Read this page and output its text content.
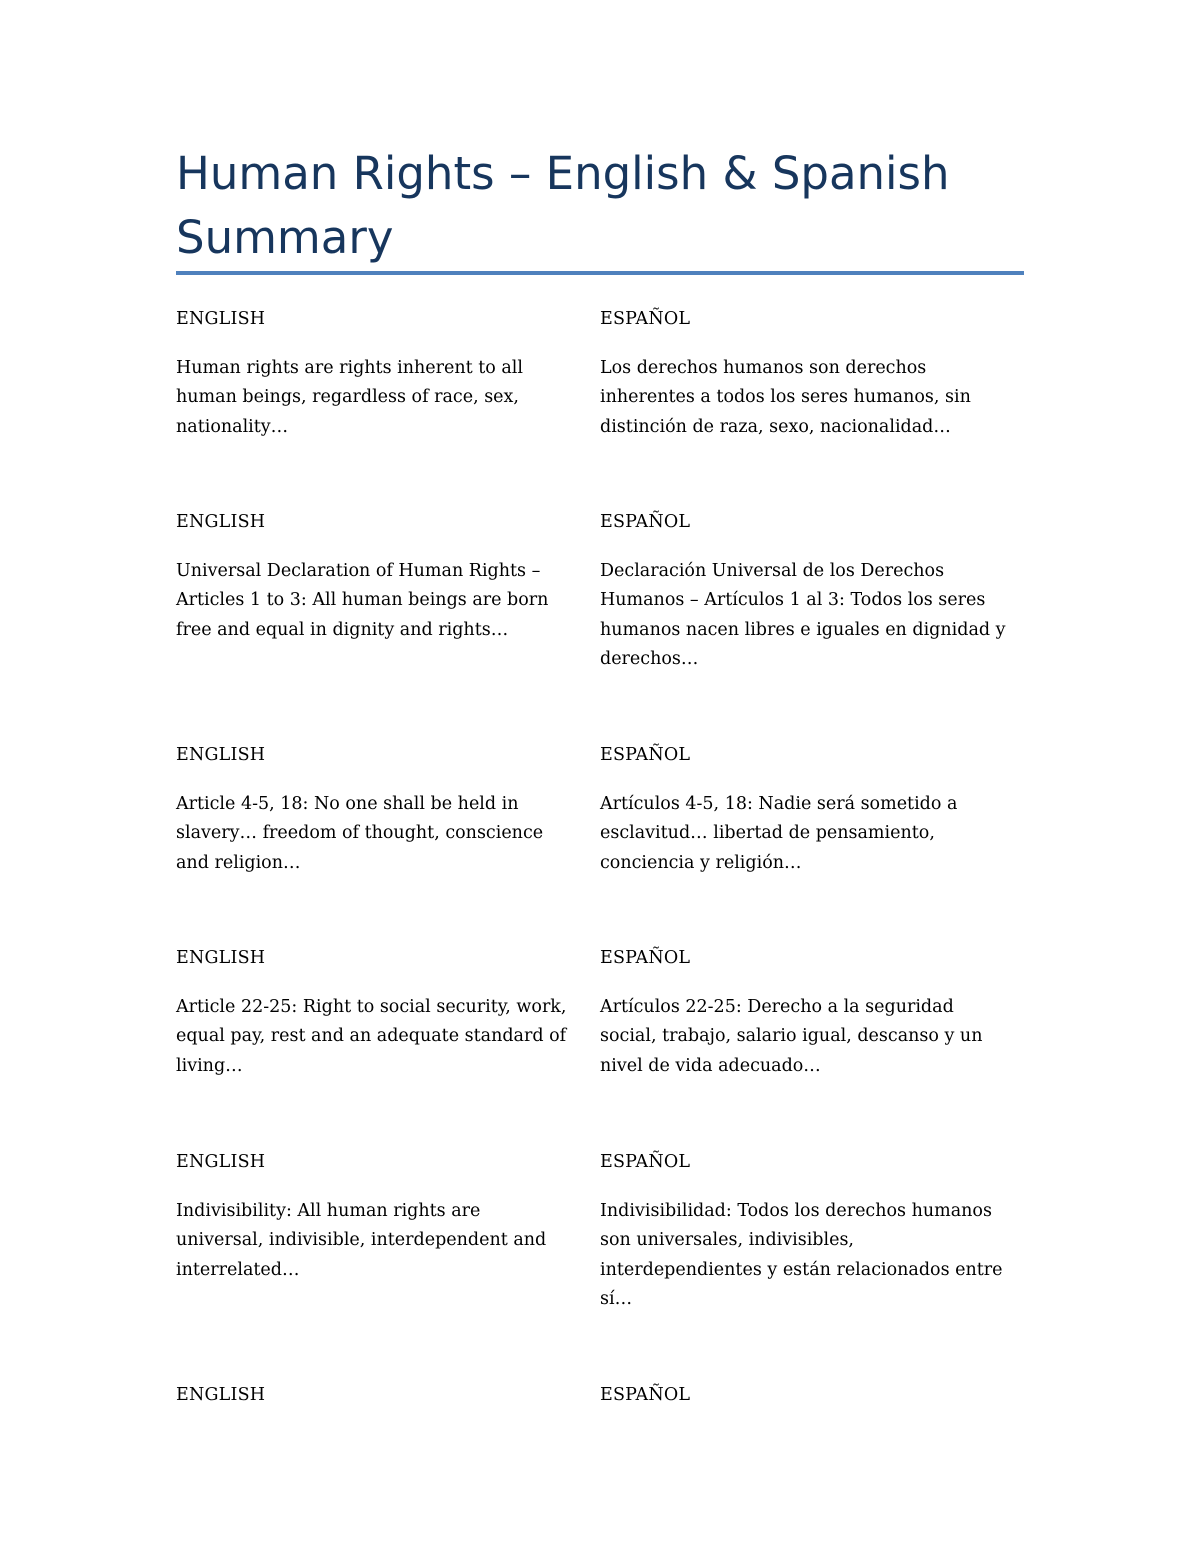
Human Rights – English & Spanish Summary

ENGLISH

Human rights are rights inherent to all human beings, regardless of race, sex, nationality…

ESPAÑOL

Los derechos humanos son derechos inherentes a todos los seres humanos, sin distinción de raza, sexo, nacionalidad…

ENGLISH

Universal Declaration of Human Rights – Articles 1 to 3: All human beings are born free and equal in dignity and rights…

ESPAÑOL

Declaración Universal de los Derechos Humanos – Artículos 1 al 3: Todos los seres humanos nacen libres e iguales en dignidad y derechos…

ENGLISH

Article 4-5, 18: No one shall be held in slavery… freedom of thought, conscience and religion…

ESPAÑOL

Artículos 4-5, 18: Nadie será sometido a esclavitud… libertad de pensamiento, conciencia y religión…

ENGLISH

Article 22-25: Right to social security, work, equal pay, rest and an adequate standard of living…

ESPAÑOL

Artículos 22-25: Derecho a la seguridad social, trabajo, salario igual, descanso y un nivel de vida adecuado…

ENGLISH

Indivisibility: All human rights are universal, indivisible, interdependent and interrelated…

ESPAÑOL

Indivisibilidad: Todos los derechos humanos son universales, indivisibles, interdependientes y están relacionados entre sí…

ENGLISH	ESPAÑOL
